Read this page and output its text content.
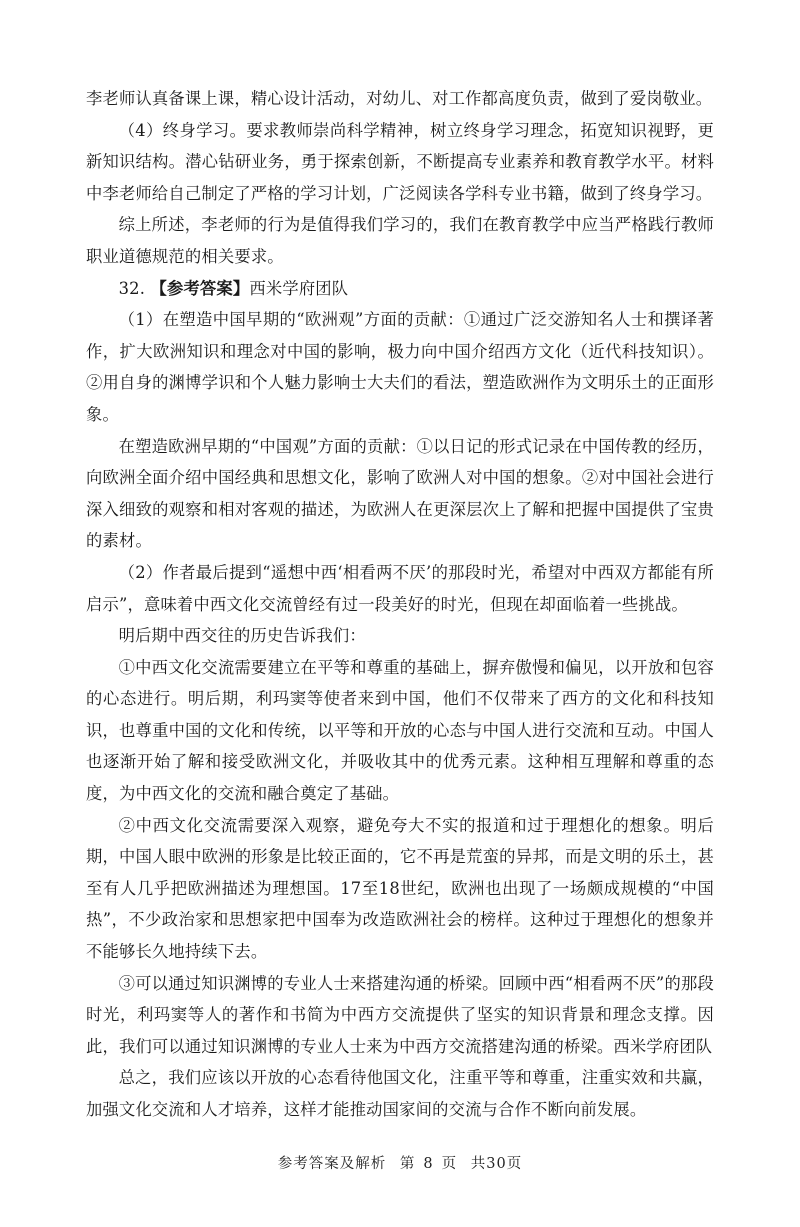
李老师认真备课上课，精心设计活动，对幼儿、对工作都高度负责，做到了爱岗敬业。

（4）终身学习。要求教师崇尚科学精神，树立终身学习理念，拓宽知识视野，更新知识结构。潜心钻研业务，勇于探索创新，不断提高专业素养和教育教学水平。材料中李老师给自己制定了严格的学习计划，广泛阅读各学科专业书籍，做到了终身学习。

综上所述，李老师的行为是值得我们学习的，我们在教育教学中应当严格践行教师职业道德规范的相关要求。

32. 【参考答案】西米学府团队

（1）在塑造中国早期的“欧洲观”方面的贡献：①通过广泛交游知名人士和撰译著作，扩大欧洲知识和理念对中国的影响，极力向中国介绍西方文化（近代科技知识）。②用自身的渊博学识和个人魅力影响士大夫们的看法，塑造欧洲作为文明乐土的正面形象。

在塑造欧洲早期的“中国观”方面的贡献：①以日记的形式记录在中国传教的经历，向欧洲全面介绍中国经典和思想文化，影响了欧洲人对中国的想象。②对中国社会进行深入细致的观察和相对客观的描述，为欧洲人在更深层次上了解和把握中国提供了宝贵的素材。

（2）作者最后提到“遥想中西‘相看两不厌’的那段时光，希望对中西双方都能有所启示”，意味着中西文化交流曾经有过一段美好的时光，但现在却面临着一些挑战。

明后期中西交往的历史告诉我们：

①中西文化交流需要建立在平等和尊重的基础上，摒弃傲慢和偏见，以开放和包容的心态进行。明后期，利玛窦等使者来到中国，他们不仅带来了西方的文化和科技知识，也尊重中国的文化和传统，以平等和开放的心态与中国人进行交流和互动。中国人也逐渐开始了解和接受欧洲文化，并吸收其中的优秀元素。这种相互理解和尊重的态度，为中西文化的交流和融合奠定了基础。

②中西文化交流需要深入观察，避免夸大不实的报道和过于理想化的想象。明后期，中国人眼中欧洲的形象是比较正面的，它不再是荒蛮的异邦，而是文明的乐土，甚至有人几乎把欧洲描述为理想国。17至18世纪，欧洲也出现了一场颇成规模的“中国热”，不少政治家和思想家把中国奉为改造欧洲社会的榜样。这种过于理想化的想象并不能够长久地持续下去。

③可以通过知识渊博的专业人士来搭建沟通的桥梁。回顾中西“相看两不厌”的那段时光，利玛窦等人的著作和书简为中西方交流提供了坚实的知识背景和理念支撑。因此，我们可以通过知识渊博的专业人士来为中西方交流搭建沟通的桥梁。西米学府团队

总之，我们应该以开放的心态看待他国文化，注重平等和尊重，注重实效和共赢，加强文化交流和人才培养，这样才能推动国家间的交流与合作不断向前发展。

参考答案及解析 第 8 页 共30页
